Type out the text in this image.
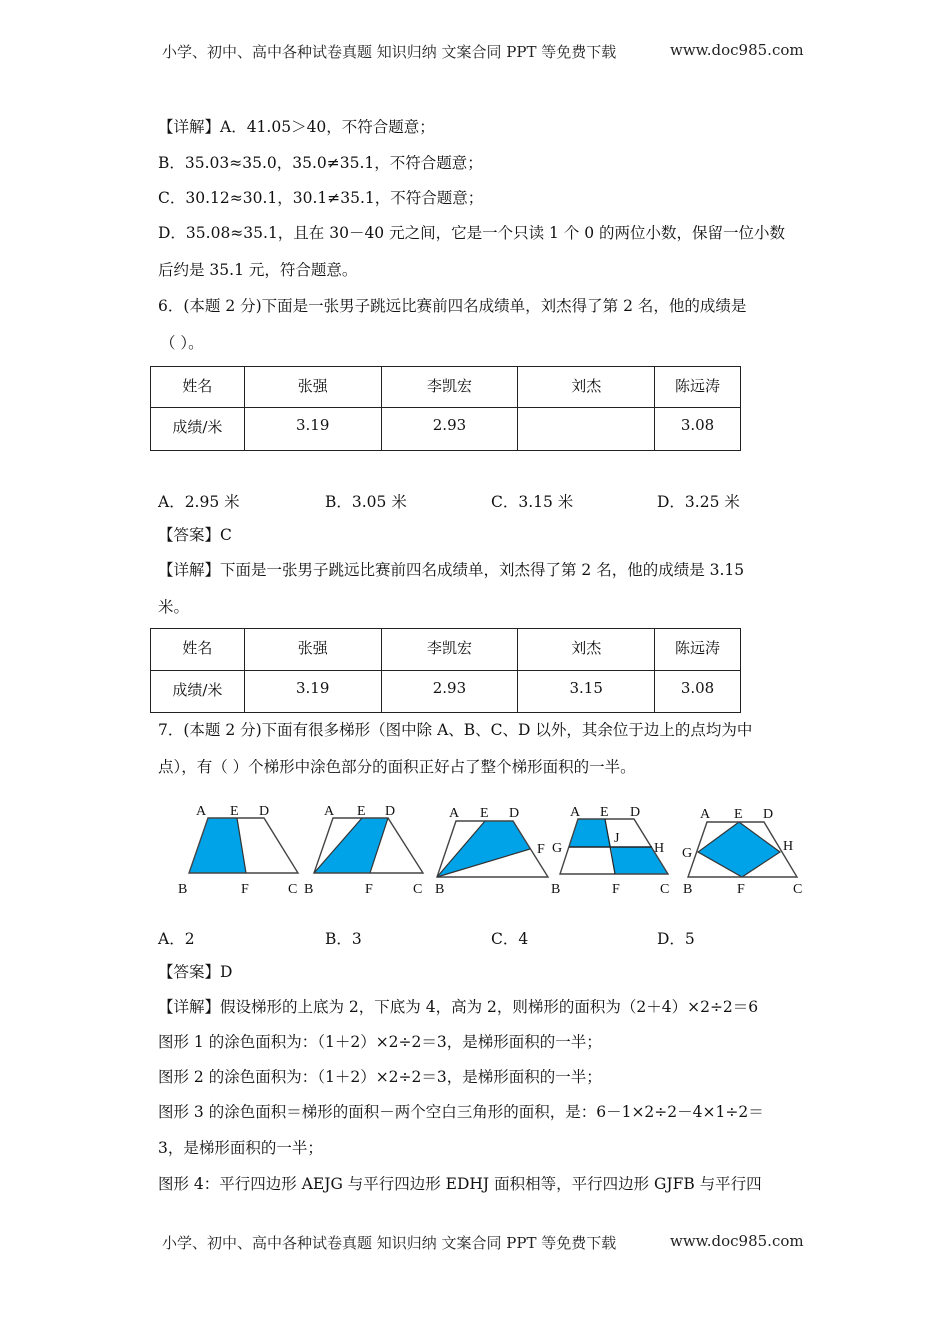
小学、初中、高中各种试卷真题 知识归纳 文案合同 PPT 等免费下载	www.doc985.com
【详解】A．41.05＞40，不符合题意；
B．35.03≈35.0，35.0≠35.1，不符合题意；
C．30.12≈30.1，30.1≠35.1，不符合题意；
D．35.08≈35.1，且在 30－40 元之间，它是一个只读 1 个 0 的两位小数，保留一位小数
后约是 35.1 元，符合题意。
6．(本题 2 分)下面是一张男子跳远比赛前四名成绩单，刘杰得了第 2 名，他的成绩是
（ ）。
姓名	张强	李凯宏	刘杰	陈远涛
成绩/米	3.19	2.93		3.08
A．2.95 米	B．3.05 米	C．3.15 米	D．3.25 米
【答案】C
【详解】下面是一张男子跳远比赛前四名成绩单，刘杰得了第 2 名，他的成绩是 3.15
米。
姓名	张强	李凯宏	刘杰	陈远涛
成绩/米	3.19	2.93	3.15	3.08
7．(本题 2 分)下面有很多梯形（图中除 A、B、C、D 以外，其余位于边上的点均为中
点），有（ ）个梯形中涂色部分的面积正好占了整个梯形面积的一半。
A E D
B	F	C
A E D
B	F	C
A E D
F
B
A E D
G
J
H
B	F	C
A E D
G	H
B	F	C
A．2	B．3	C．4	D．5
【答案】D
【详解】假设梯形的上底为 2，下底为 4，高为 2，则梯形的面积为（2＋4）×2÷2＝6
图形 1 的涂色面积为：（1＋2）×2÷2＝3，是梯形面积的一半；
图形 2 的涂色面积为：（1＋2）×2÷2＝3，是梯形面积的一半；
图形 3 的涂色面积＝梯形的面积－两个空白三角形的面积，是：6－1×2÷2－4×1÷2＝
3，是梯形面积的一半；
图形 4：平行四边形 AEJG 与平行四边形 EDHJ 面积相等，平行四边形 GJFB 与平行四
小学、初中、高中各种试卷真题 知识归纳 文案合同 PPT 等免费下载	www.doc985.com
